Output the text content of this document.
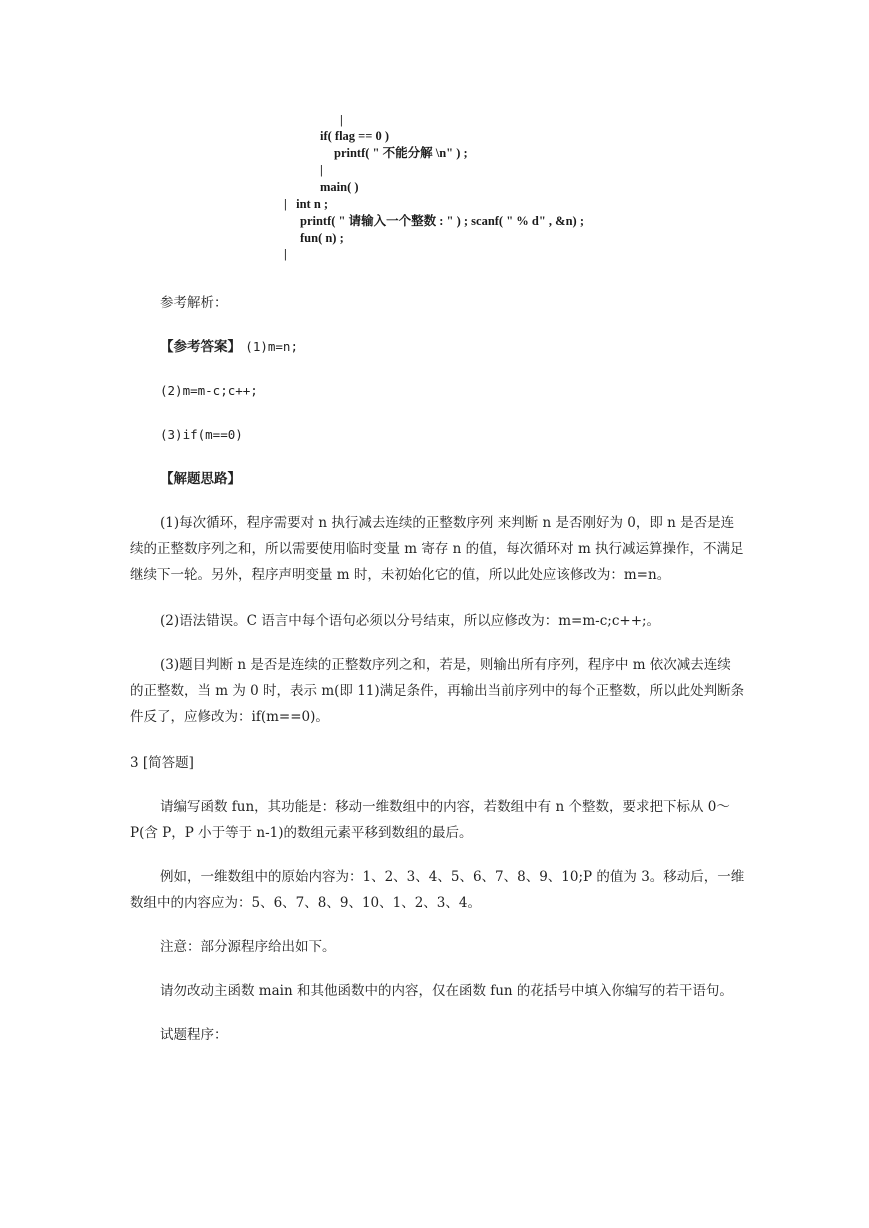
|
if( flag == 0 )
printf( " 不能分解 \n" ) ;
|
main( )
|   int n ;
printf( " 请输入一个整数 : " ) ; scanf( " % d" , &n) ;
fun( n) ;
|
参考解析：
【参考答案】 (1)m=n;
(2)m=m-c;c++;
(3)if(m==0)
【解题思路】
(1)每次循环，程序需要对 n 执行减去连续的正整数序列 来判断 n 是否刚好为 0，即 n 是否是连
续的正整数序列之和，所以需要使用临时变量 m 寄存 n 的值，每次循环对 m 执行减运算操作，不满足
继续下一轮。另外，程序声明变量 m 时，未初始化它的值，所以此处应该修改为：m=n。
(2)语法错误。C 语言中每个语句必须以分号结束，所以应修改为：m=m-c;c++;。
(3)题目判断 n 是否是连续的正整数序列之和，若是，则输出所有序列，程序中 m 依次减去连续
的正整数，当 m 为 0 时，表示 m(即 11)满足条件，再输出当前序列中的每个正整数，所以此处判断条
件反了，应修改为：if(m==0)。
3 [简答题]
请编写函数 fun，其功能是：移动一维数组中的内容，若数组中有 n 个整数，要求把下标从 0～
P(含 P，P 小于等于 n-1)的数组元素平移到数组的最后。
例如，一维数组中的原始内容为：1、2、3、4、5、6、7、8、9、10;P 的值为 3。移动后，一维
数组中的内容应为：5、6、7、8、9、10、1、2、3、4。
注意：部分源程序给出如下。
请勿改动主函数 main 和其他函数中的内容，仅在函数 fun 的花括号中填入你编写的若干语句。
试题程序：
